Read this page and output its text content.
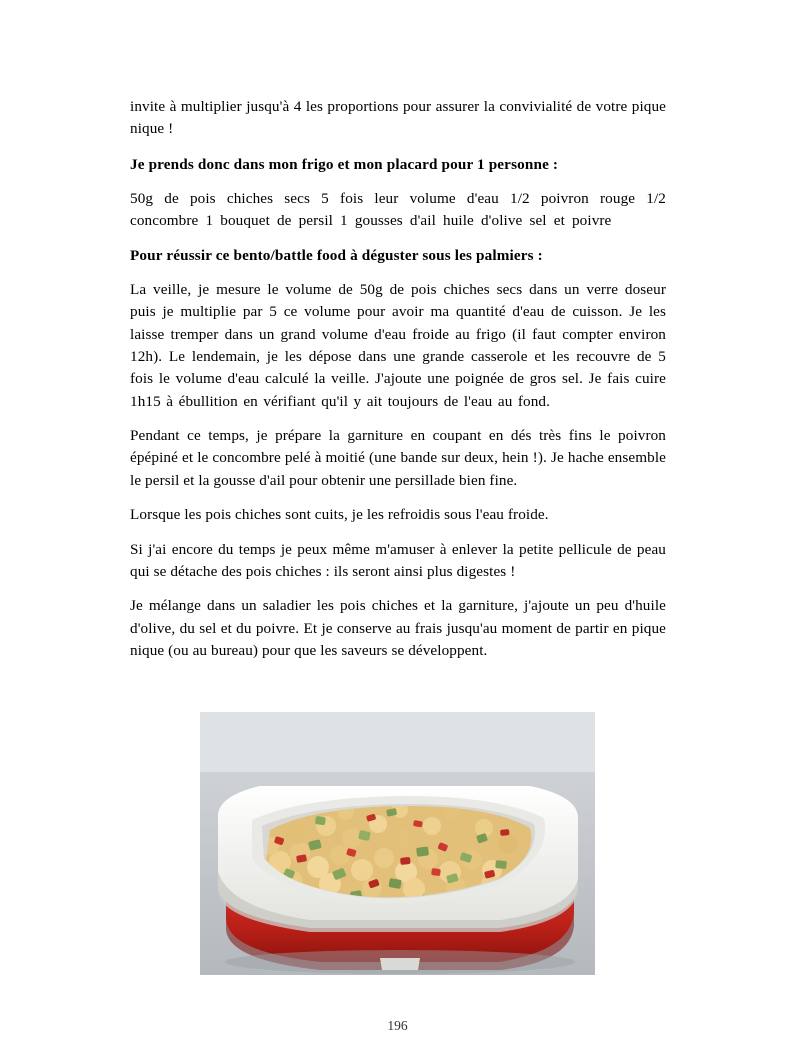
invite à multiplier jusqu'à 4 les proportions pour assurer la convivialité de votre pique nique !

Je prends donc dans mon frigo et mon placard pour 1 personne :

50g de pois chiches secs 5 fois leur volume d'eau 1/2 poivron rouge 1/2 concombre 1 bouquet de persil 1 gousses d'ail huile d'olive sel et poivre

Pour réussir ce bento/battle food à déguster sous les palmiers :

La veille, je mesure le volume de 50g de pois chiches secs dans un verre doseur puis je multiplie par 5 ce volume pour avoir ma quantité d'eau de cuisson. Je les laisse tremper dans un grand volume d'eau froide au frigo (il faut compter environ 12h). Le lendemain, je les dépose dans une grande casserole et les recouvre de 5 fois le volume d'eau calculé la veille. J'ajoute une poignée de gros sel. Je fais cuire 1h15 à ébullition en vérifiant qu'il y ait toujours de l'eau au fond.

Pendant ce temps, je prépare la garniture en coupant en dés très fins le poivron épépiné et le concombre pelé à moitié (une bande sur deux, hein !). Je hache ensemble le persil et la gousse d'ail pour obtenir une persillade bien fine.

Lorsque les pois chiches sont cuits, je les refroidis sous l'eau froide.

Si j'ai encore du temps je peux même m'amuser à enlever la petite pellicule de peau qui se détache des pois chiches : ils seront ainsi plus digestes !

Je mélange dans un saladier les pois chiches et la garniture, j'ajoute un peu d'huile d'olive, du sel et du poivre. Et je conserve au frais jusqu'au moment de partir en pique nique (ou au bureau) pour que les saveurs se développent.

196
